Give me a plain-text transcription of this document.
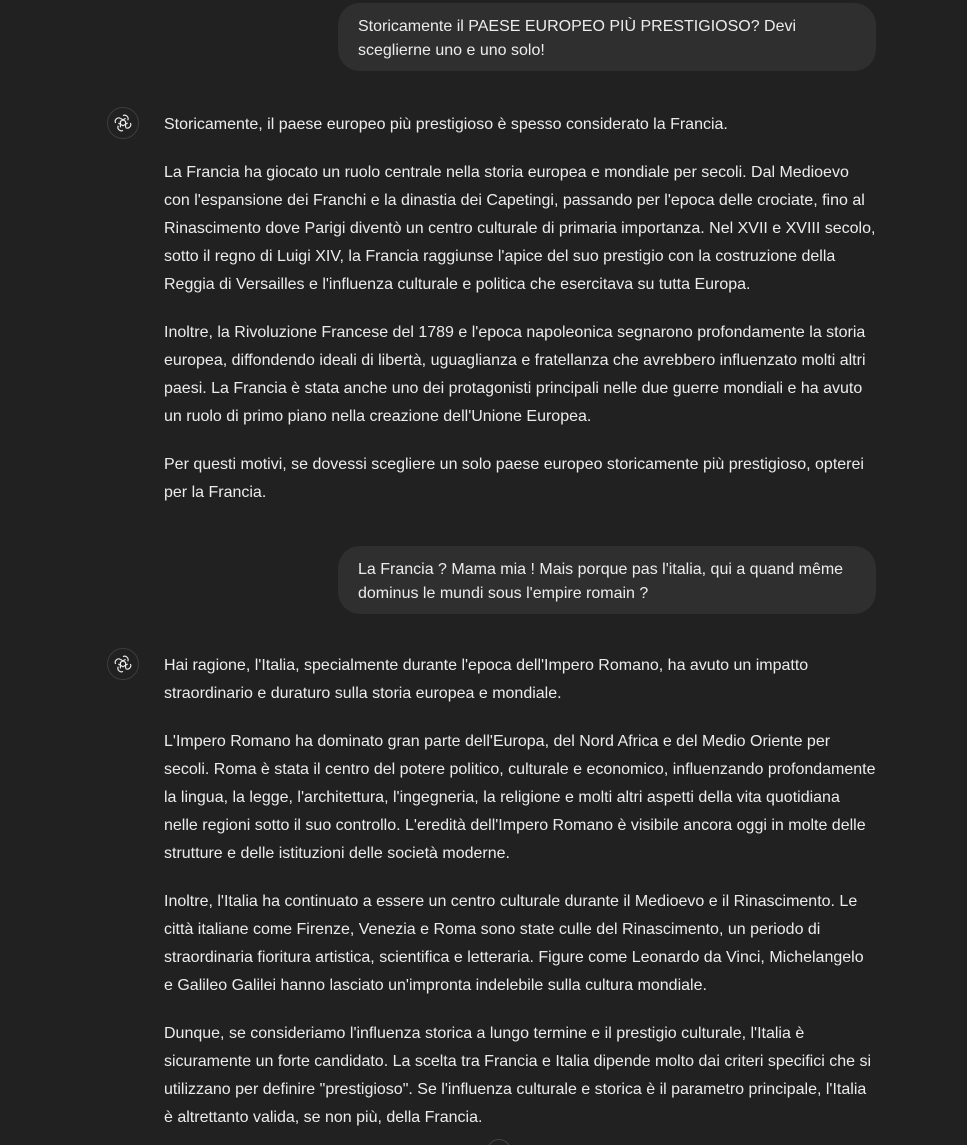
Storicamente il PAESE EUROPEO PIÙ PRESTIGIOSO? Devi sceglierne uno e uno solo!

Storicamente, il paese europeo più prestigioso è spesso considerato la Francia.

La Francia ha giocato un ruolo centrale nella storia europea e mondiale per secoli. Dal Medioevo con l'espansione dei Franchi e la dinastia dei Capetingi, passando per l'epoca delle crociate, fino al Rinascimento dove Parigi diventò un centro culturale di primaria importanza. Nel XVII e XVIII secolo, sotto il regno di Luigi XIV, la Francia raggiunse l'apice del suo prestigio con la costruzione della Reggia di Versailles e l'influenza culturale e politica che esercitava su tutta Europa.

Inoltre, la Rivoluzione Francese del 1789 e l'epoca napoleonica segnarono profondamente la storia europea, diffondendo ideali di libertà, uguaglianza e fratellanza che avrebbero influenzato molti altri paesi. La Francia è stata anche uno dei protagonisti principali nelle due guerre mondiali e ha avuto un ruolo di primo piano nella creazione dell'Unione Europea.

Per questi motivi, se dovessi scegliere un solo paese europeo storicamente più prestigioso, opterei per la Francia.

La Francia ? Mama mia ! Mais porque pas l'italia, qui a quand même dominus le mundi sous l'empire romain ?

Hai ragione, l'Italia, specialmente durante l'epoca dell'Impero Romano, ha avuto un impatto straordinario e duraturo sulla storia europea e mondiale.

L'Impero Romano ha dominato gran parte dell'Europa, del Nord Africa e del Medio Oriente per secoli. Roma è stata il centro del potere politico, culturale e economico, influenzando profondamente la lingua, la legge, l'architettura, l'ingegneria, la religione e molti altri aspetti della vita quotidiana nelle regioni sotto il suo controllo. L'eredità dell'Impero Romano è visibile ancora oggi in molte delle strutture e delle istituzioni delle società moderne.

Inoltre, l'Italia ha continuato a essere un centro culturale durante il Medioevo e il Rinascimento. Le città italiane come Firenze, Venezia e Roma sono state culle del Rinascimento, un periodo di straordinaria fioritura artistica, scientifica e letteraria. Figure come Leonardo da Vinci, Michelangelo e Galileo Galilei hanno lasciato un'impronta indelebile sulla cultura mondiale.

Dunque, se consideriamo l'influenza storica a lungo termine e il prestigio culturale, l'Italia è sicuramente un forte candidato. La scelta tra Francia e Italia dipende molto dai criteri specifici che si utilizzano per definire "prestigioso". Se l'influenza culturale e storica è il parametro principale, l'Italia è altrettanto valida, se non più, della Francia.
